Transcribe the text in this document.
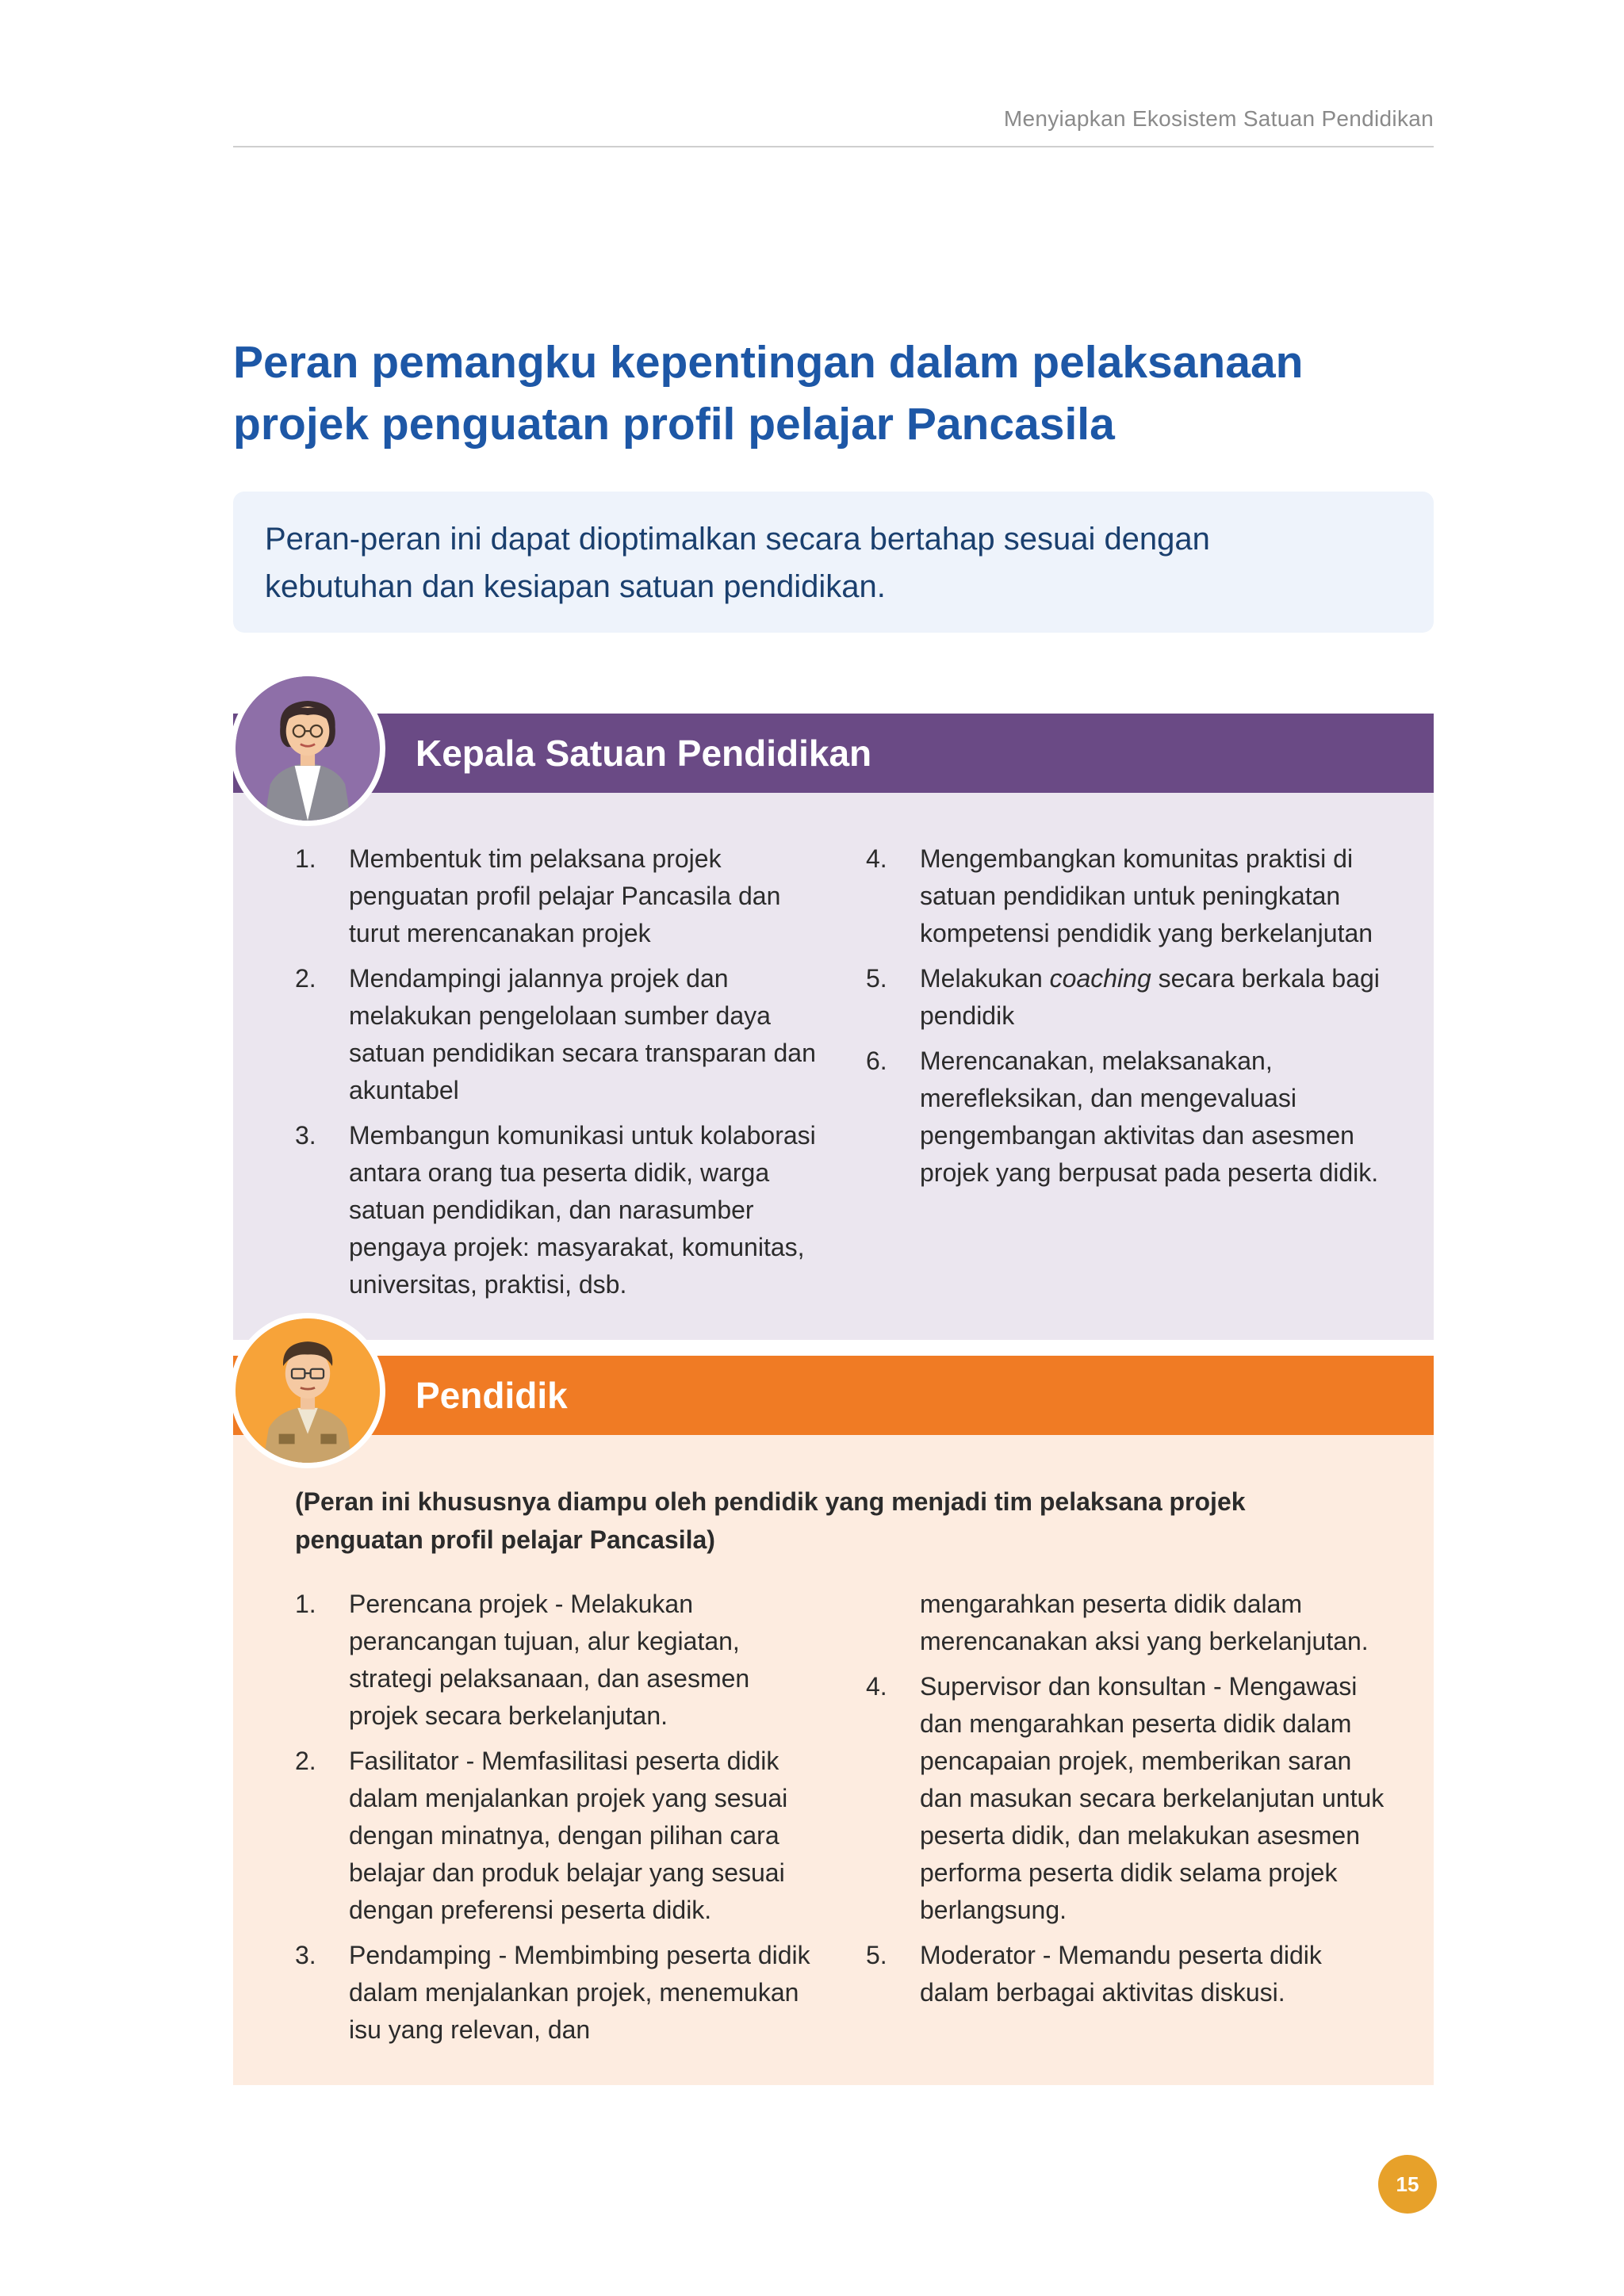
Menyiapkan Ekosistem Satuan Pendidikan
Peran pemangku kepentingan dalam pelaksanaan
projek penguatan profil pelajar Pancasila
Peran-peran ini dapat dioptimalkan secara bertahap sesuai dengan
kebutuhan dan kesiapan satuan pendidikan.
Kepala Satuan Pendidikan
1.	Membentuk tim pelaksana projek penguatan profil pelajar Pancasila dan turut merencanakan projek
2.	Mendampingi jalannya projek dan melakukan pengelolaan sumber daya satuan pendidikan secara transparan dan akuntabel
3.	Membangun komunikasi untuk kolaborasi antara orang tua peserta didik, warga satuan pendidikan, dan narasumber pengaya projek: masyarakat, komunitas, universitas, praktisi, dsb.
4.	Mengembangkan komunitas praktisi di satuan pendidikan untuk peningkatan kompetensi pendidik yang berkelanjutan
5.	Melakukan coaching secara berkala bagi pendidik
6.	Merencanakan, melaksanakan, merefleksikan, dan mengevaluasi pengembangan aktivitas dan asesmen projek yang berpusat pada peserta didik.
Pendidik
(Peran ini khususnya diampu oleh pendidik yang menjadi tim pelaksana projek
penguatan profil pelajar Pancasila)
1.	Perencana projek - Melakukan perancangan tujuan, alur kegiatan, strategi pelaksanaan, dan asesmen projek secara berkelanjutan.
2.	Fasilitator - Memfasilitasi peserta didik dalam menjalankan projek yang sesuai dengan minatnya, dengan pilihan cara belajar dan produk belajar yang sesuai dengan preferensi peserta didik.
3.	Pendamping - Membimbing peserta didik dalam menjalankan projek, menemukan isu yang relevan, dan
mengarahkan peserta didik dalam merencanakan aksi yang berkelanjutan.
4.	Supervisor dan konsultan - Mengawasi dan mengarahkan peserta didik dalam pencapaian projek, memberikan saran dan masukan secara berkelanjutan untuk peserta didik, dan melakukan asesmen performa peserta didik selama projek berlangsung.
5.	Moderator - Memandu peserta didik dalam berbagai aktivitas diskusi.
15
